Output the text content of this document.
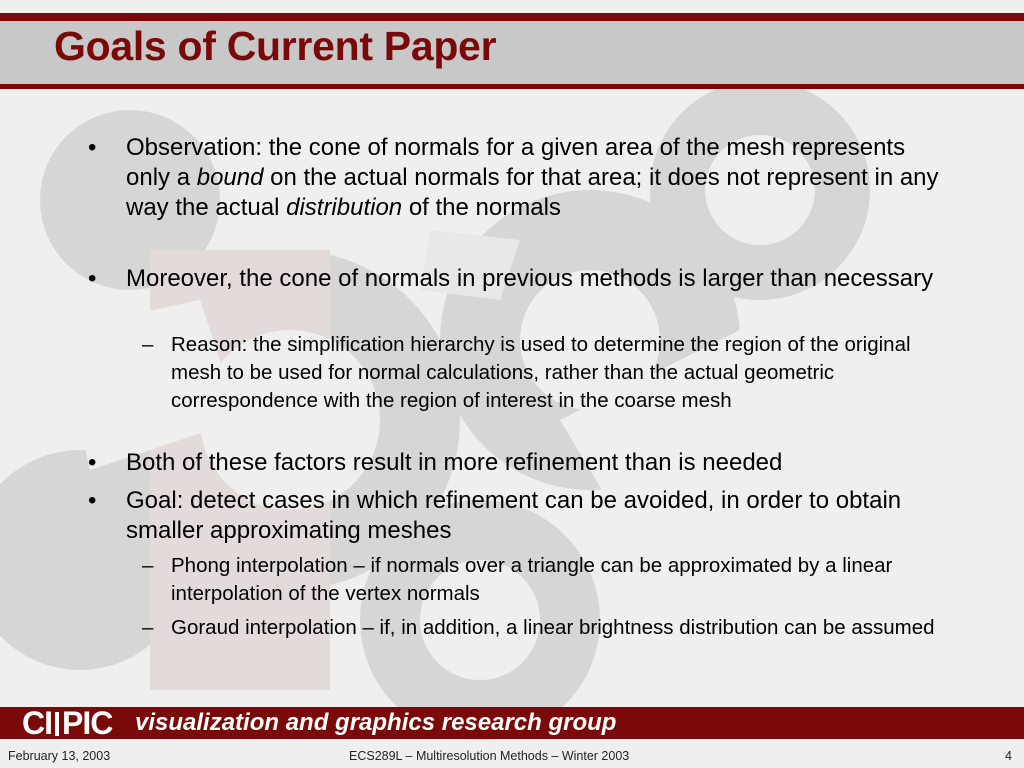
Goals of Current Paper
• Observation: the cone of normals for a given area of the mesh represents only a bound on the actual normals for that area; it does not represent in any way the actual distribution of the normals
• Moreover, the cone of normals in previous methods is larger than necessary
– Reason: the simplification hierarchy is used to determine the region of the original mesh to be used for normal calculations, rather than the actual geometric correspondence with the region of interest in the coarse mesh
• Both of these factors result in more refinement than is needed
• Goal: detect cases in which refinement can be avoided, in order to obtain smaller approximating meshes
– Phong interpolation – if normals over a triangle can be approximated by a linear interpolation of the vertex normals
– Goraud interpolation – if, in addition, a linear brightness distribution can be assumed
CI PIC visualization and graphics research group
February 13, 2003	ECS289L – Multiresolution Methods – Winter 2003	4
